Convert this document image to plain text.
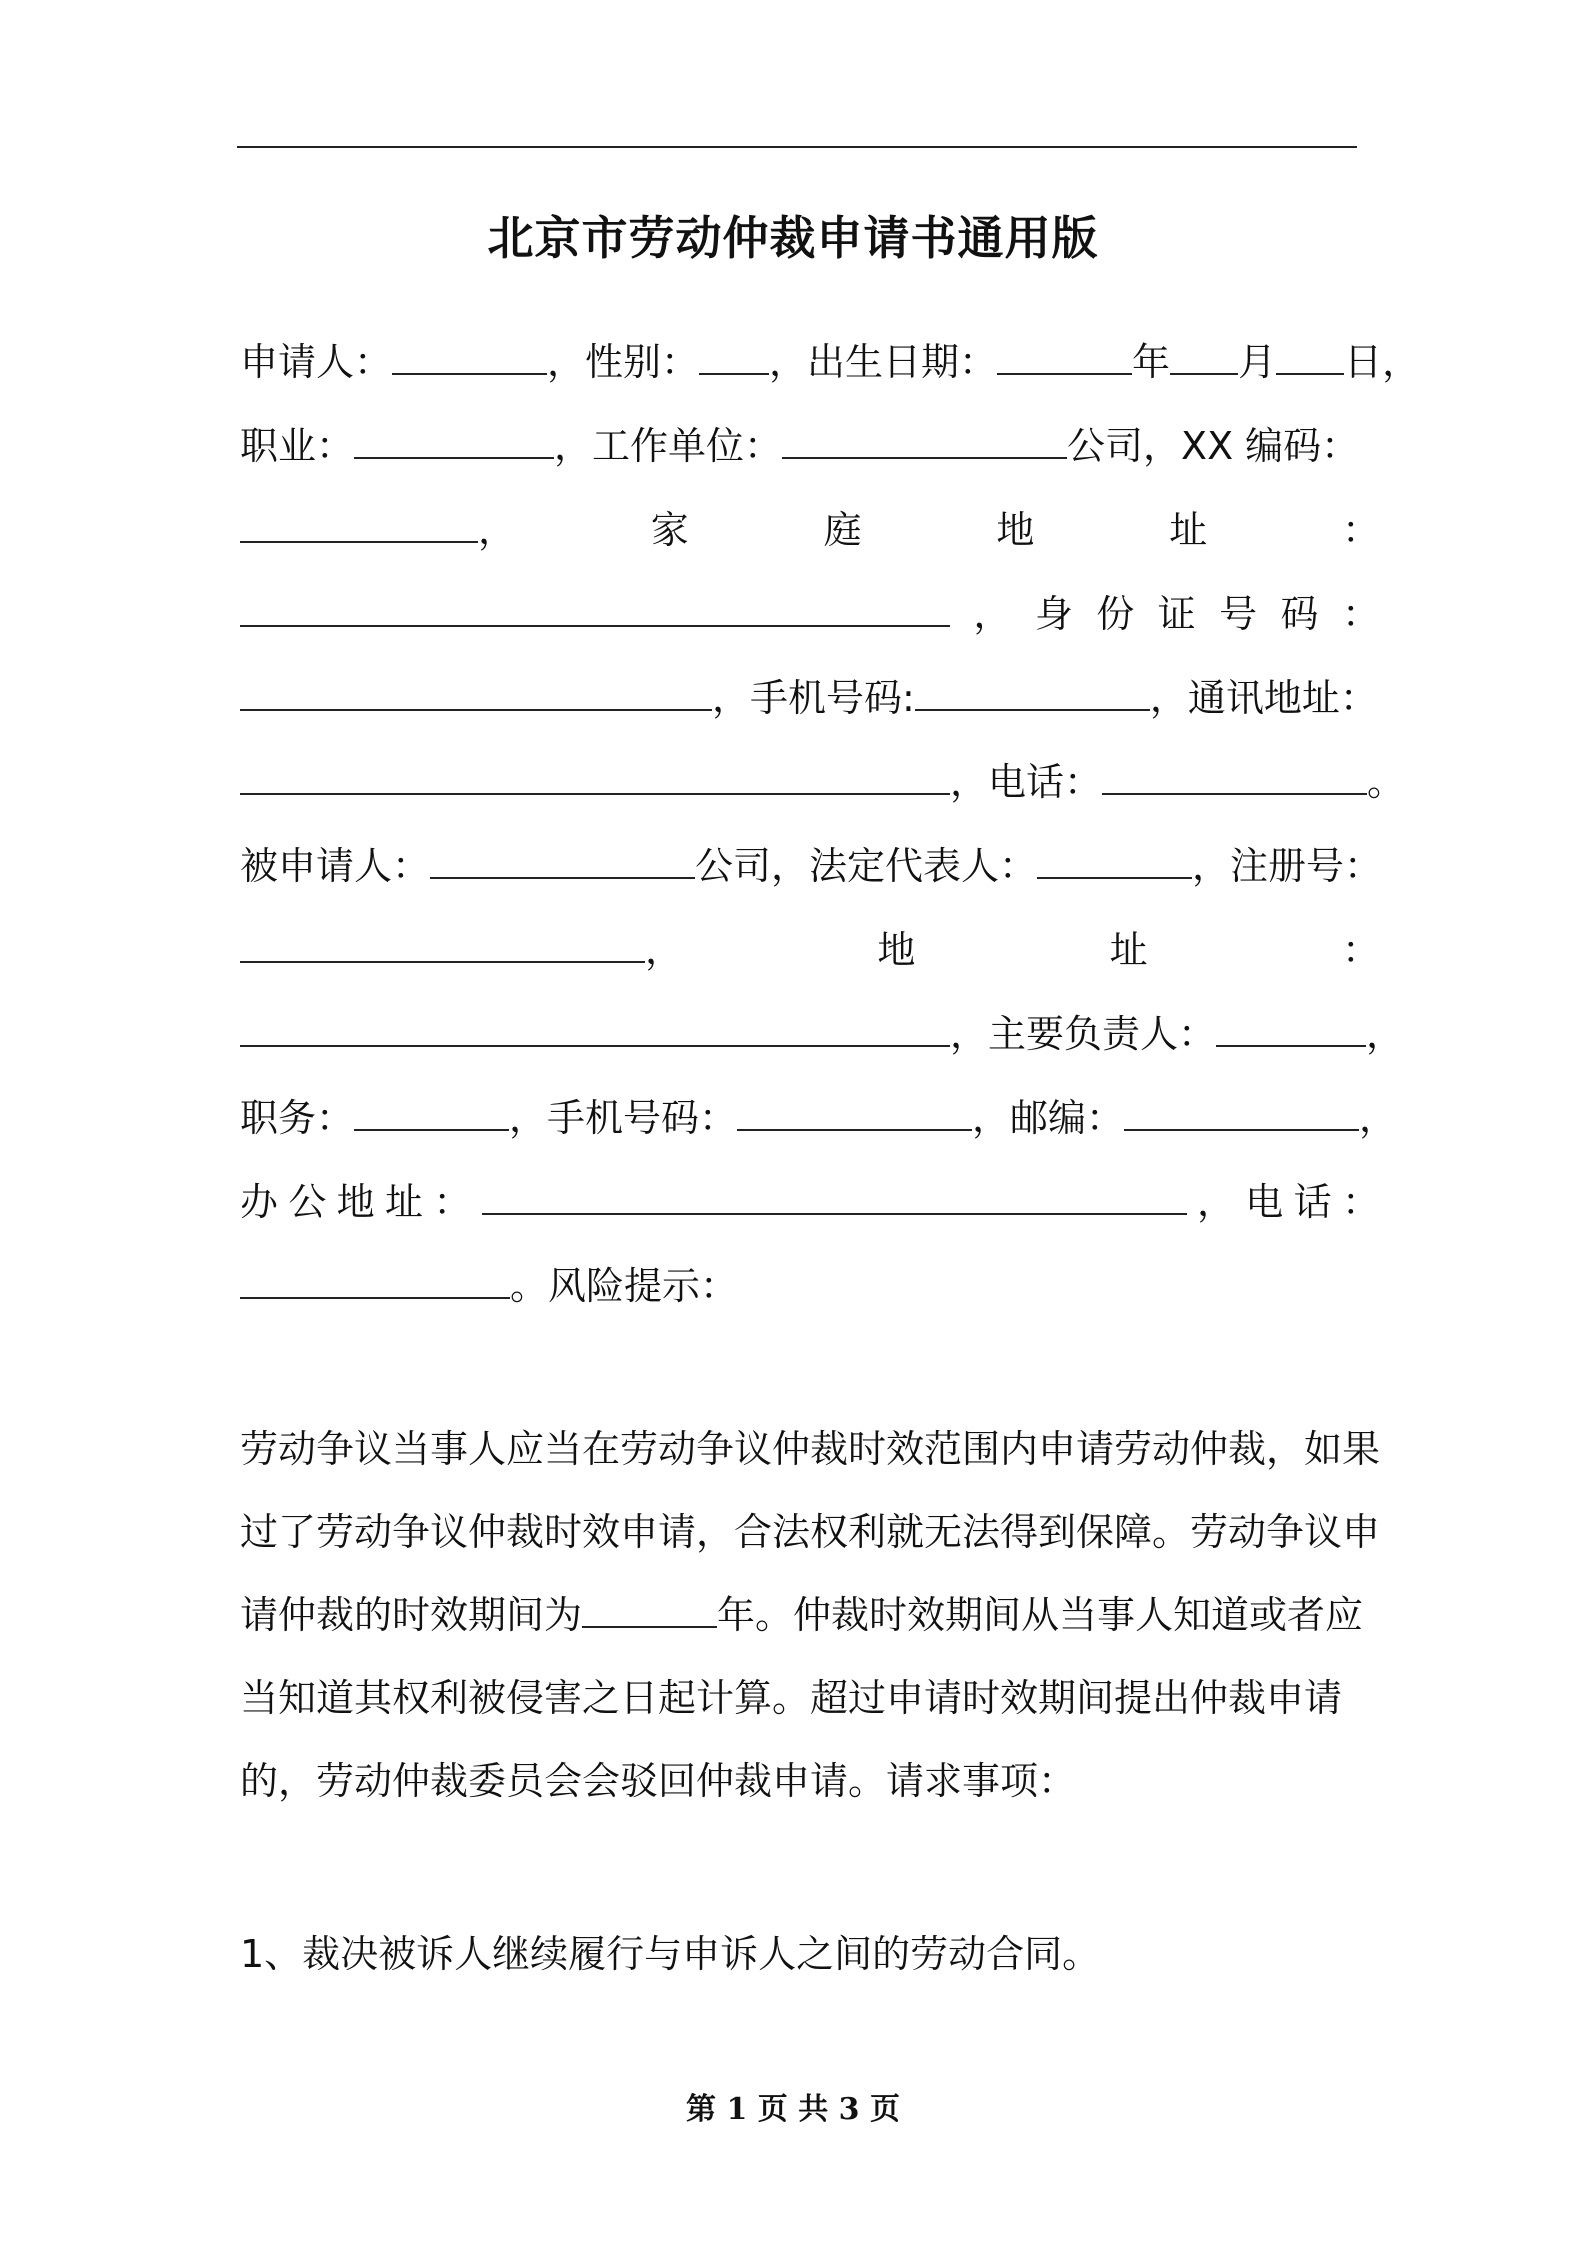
北京市劳动仲裁申请书通用版
申请人：	，性别： ，出生日期：	年 月 日，
职业：	，工作单位：	公司，XX 编码：
，	家	庭	地	址	：
， 身 份 证 号 码 ：
，手机号码:	，通讯地址：
，电话：	。
被申请人：	公司，法定代表人：	，注册号：
，	地	址	：
，主要负责人：	，
职务：	，手机号码：	，邮编：	，
办 公 地 址 ：	， 电 话 ：
。风险提示：
劳动争议当事人应当在劳动争议仲裁时效范围内申请劳动仲裁，如果过了劳动争议仲裁时效申请，合法权利就无法得到保障。劳动争议申请仲裁的时效期间为	年。仲裁时效期间从当事人知道或者应当知道其权利被侵害之日起计算。超过申请时效期间提出仲裁申请的，劳动仲裁委员会会驳回仲裁申请。请求事项：
1、裁决被诉人继续履行与申诉人之间的劳动合同。
第 1 页 共 3 页
